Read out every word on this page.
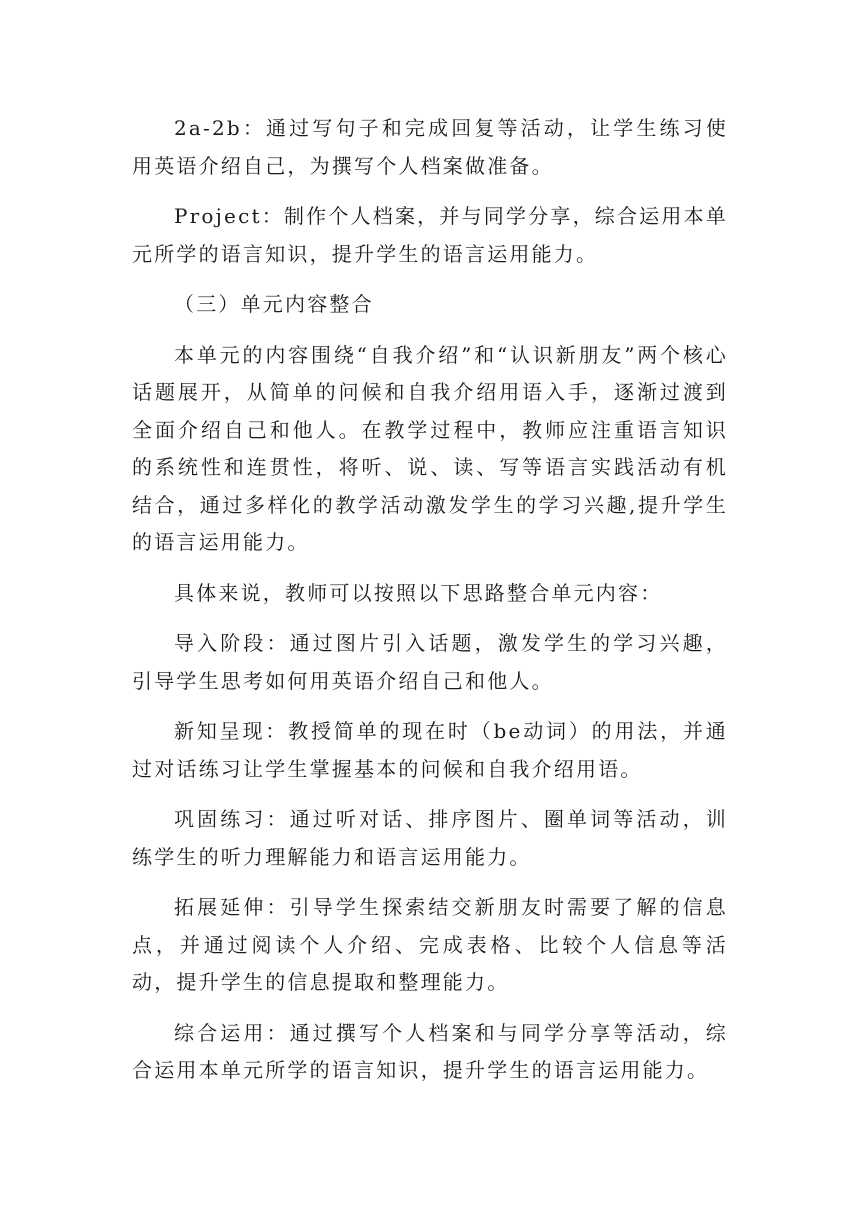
2a-2b：通过写句子和完成回复等活动，让学生练习使用英语介绍自己，为撰写个人档案做准备。

Project：制作个人档案，并与同学分享，综合运用本单元所学的语言知识，提升学生的语言运用能力。

（三）单元内容整合

本单元的内容围绕“自我介绍”和“认识新朋友”两个核心话题展开，从简单的问候和自我介绍用语入手，逐渐过渡到全面介绍自己和他人。在教学过程中，教师应注重语言知识的系统性和连贯性，将听、说、读、写等语言实践活动有机结合，通过多样化的教学活动激发学生的学习兴趣,提升学生的语言运用能力。

具体来说，教师可以按照以下思路整合单元内容：

导入阶段：通过图片引入话题，激发学生的学习兴趣，引导学生思考如何用英语介绍自己和他人。

新知呈现：教授简单的现在时（be动词）的用法，并通过对话练习让学生掌握基本的问候和自我介绍用语。

巩固练习：通过听对话、排序图片、圈单词等活动，训练学生的听力理解能力和语言运用能力。

拓展延伸：引导学生探索结交新朋友时需要了解的信息点，并通过阅读个人介绍、完成表格、比较个人信息等活动，提升学生的信息提取和整理能力。

综合运用：通过撰写个人档案和与同学分享等活动，综合运用本单元所学的语言知识，提升学生的语言运用能力。
